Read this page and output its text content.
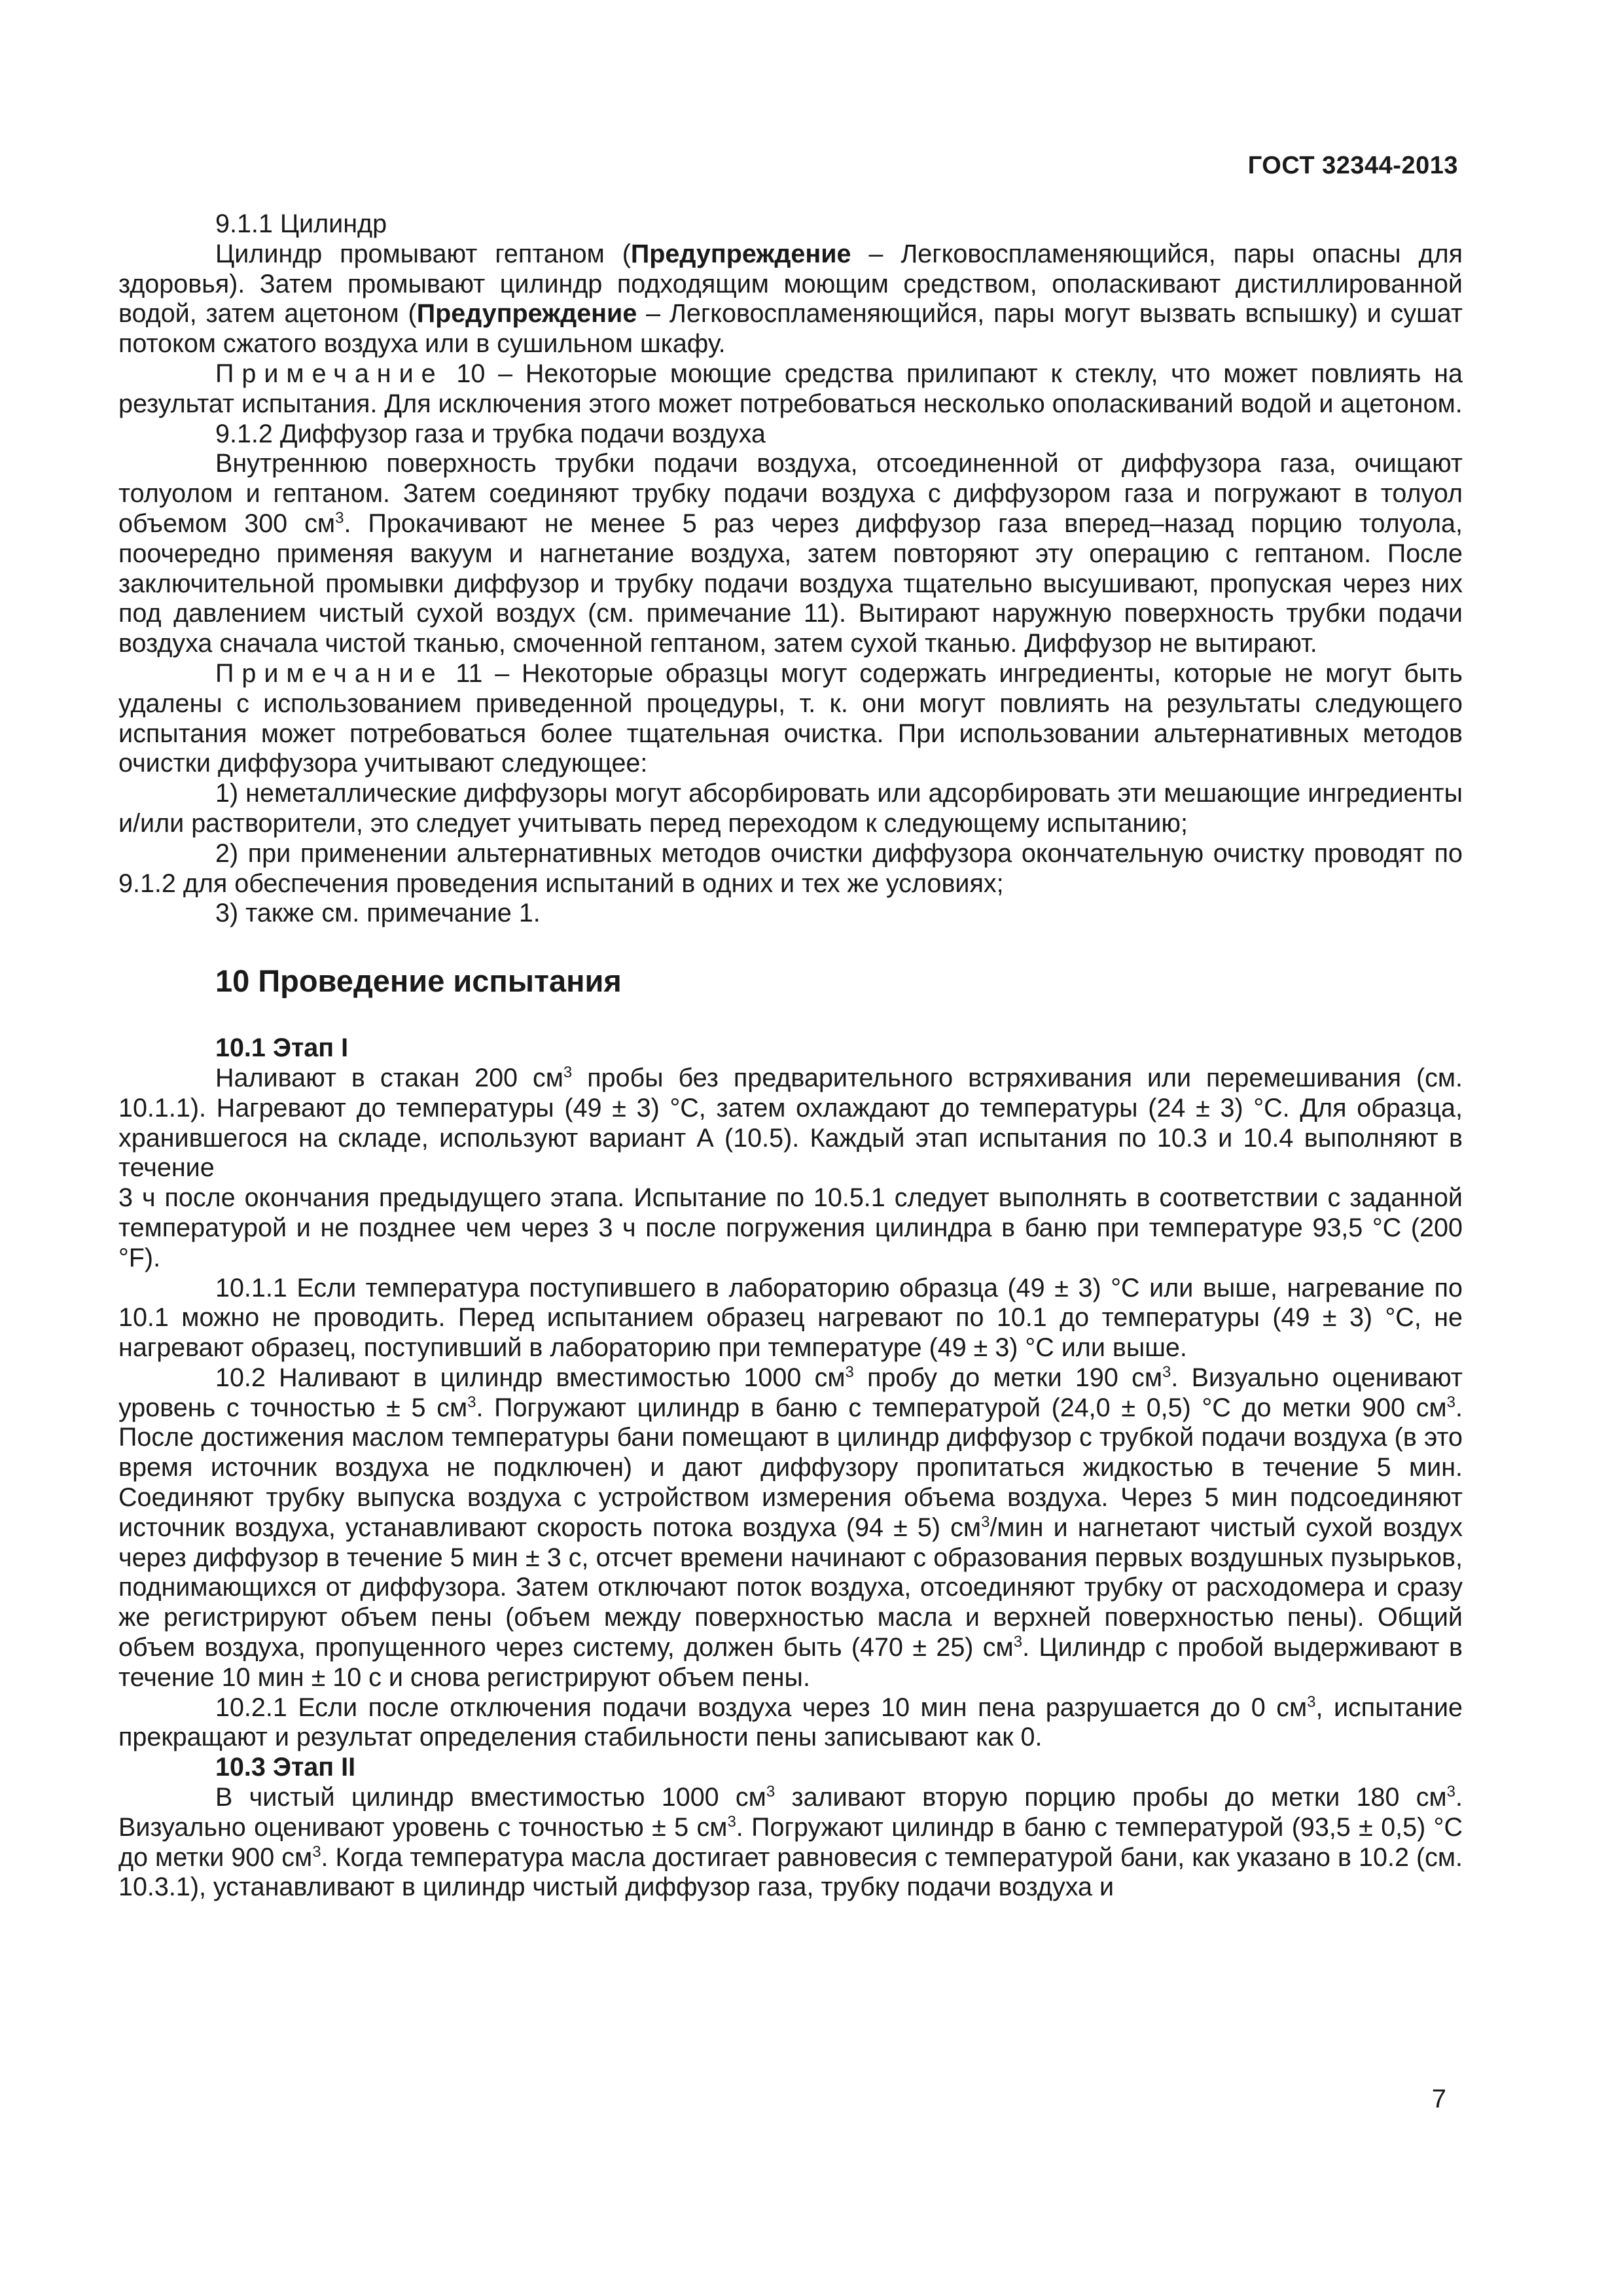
ГОСТ 32344-2013

9.1.1 Цилиндр

Цилиндр промывают гептаном (Предупреждение – Легковоспламеняющийся, пары опасны для здоровья). Затем промывают цилиндр подходящим моющим средством, ополаскивают дистиллированной водой, затем ацетоном (Предупреждение – Легковоспламеняющийся, пары могут вызвать вспышку) и сушат потоком сжатого воздуха или в сушильном шкафу.

Примечание 10 – Некоторые моющие средства прилипают к стеклу, что может повлиять на результат испытания. Для исключения этого может потребоваться несколько ополаскиваний водой и ацетоном.

9.1.2 Диффузор газа и трубка подачи воздуха

Внутреннюю поверхность трубки подачи воздуха, отсоединенной от диффузора газа, очищают толуолом и гептаном. Затем соединяют трубку подачи воздуха с диффузором газа и погружают в толуол объемом 300 $см^3$. Прокачивают не менее 5 раз через диффузор газа вперед–назад порцию толуола, поочередно применяя вакуум и нагнетание воздуха, затем повторяют эту операцию с гептаном. После заключительной промывки диффузор и трубку подачи воздуха тщательно высушивают, пропуская через них под давлением чистый сухой воздух (см. примечание 11). Вытирают наружную поверхность трубки подачи воздуха сначала чистой тканью, смоченной гептаном, затем сухой тканью. Диффузор не вытирают.

Примечание 11 – Некоторые образцы могут содержать ингредиенты, которые не могут быть удалены с использованием приведенной процедуры, т. к. они могут повлиять на результаты следующего испытания может потребоваться более тщательная очистка. При использовании альтернативных методов очистки диффузора учитывают следующее:

1) неметаллические диффузоры могут абсорбировать или адсорбировать эти мешающие ингредиенты и/или растворители, это следует учитывать перед переходом к следующему испытанию;

2) при применении альтернативных методов очистки диффузора окончательную очистку проводят по 9.1.2 для обеспечения проведения испытаний в одних и тех же условиях;

3) также см. примечание 1.

10 Проведение испытания
10.1 Этап I

Наливают в стакан 200 $см^3$ пробы без предварительного встряхивания или перемешивания (см. 10.1.1). Нагревают до температуры (49 ± 3) °С, затем охлаждают до температуры (24 ± 3) °С. Для образца, хранившегося на складе, используют вариант А (10.5). Каждый этап испытания по 10.3 и 10.4 выполняют в течение

3 ч после окончания предыдущего этапа. Испытание по 10.5.1 следует выполнять в соответствии с заданной температурой и не позднее чем через 3 ч после погружения цилиндра в баню при температуре 93,5 °С (200 °F).

10.1.1 Если температура поступившего в лабораторию образца (49 ± 3) °С или выше, нагревание по 10.1 можно не проводить. Перед испытанием образец нагревают по 10.1 до температуры (49 ± 3) °С, не нагревают образец, поступивший в лабораторию при температуре (49 ± 3) °С или выше.

10.2 Наливают в цилиндр вместимостью 1000 $см^3$ пробу до метки 190 $см^3$. Визуально оценивают уровень с точностью ± 5 $см^3$. Погружают цилиндр в баню с температурой (24,0 ± 0,5) °С до метки 900 $см^3$. После достижения маслом температуры бани помещают в цилиндр диффузор с трубкой подачи воздуха (в это время источник воздуха не подключен) и дают диффузору пропитаться жидкостью в течение 5 мин. Соединяют трубку выпуска воздуха с устройством измерения объема воздуха. Через 5 мин подсоединяют источник воздуха, устанавливают скорость потока воздуха (94 ± 5) $см^3$/мин и нагнетают чистый сухой воздух через диффузор в течение 5 мин ± 3 с, отсчет времени начинают с образования первых воздушных пузырьков, поднимающихся от диффузора. Затем отключают поток воздуха, отсоединяют трубку от расходомера и сразу же регистрируют объем пены (объем между поверхностью масла и верхней поверхностью пены). Общий объем воздуха, пропущенного через систему, должен быть (470 ± 25) $см^3$. Цилиндр с пробой выдерживают в течение 10 мин ± 10 с и снова регистрируют объем пены.

10.2.1 Если после отключения подачи воздуха через 10 мин пена разрушается до 0 $см^3$, испытание прекращают и результат определения стабильности пены записывают как 0.

10.3 Этап II

В чистый цилиндр вместимостью 1000 $см^3$ заливают вторую порцию пробы до метки 180 $см^3$. Визуально оценивают уровень с точностью ± 5 $см^3$. Погружают цилиндр в баню с температурой (93,5 ± 0,5) °С до метки 900 $см^3$. Когда температура масла достигает равновесия с температурой бани, как указано в 10.2 (см. 10.3.1), устанавливают в цилиндр чистый диффузор газа, трубку подачи воздуха и

7
